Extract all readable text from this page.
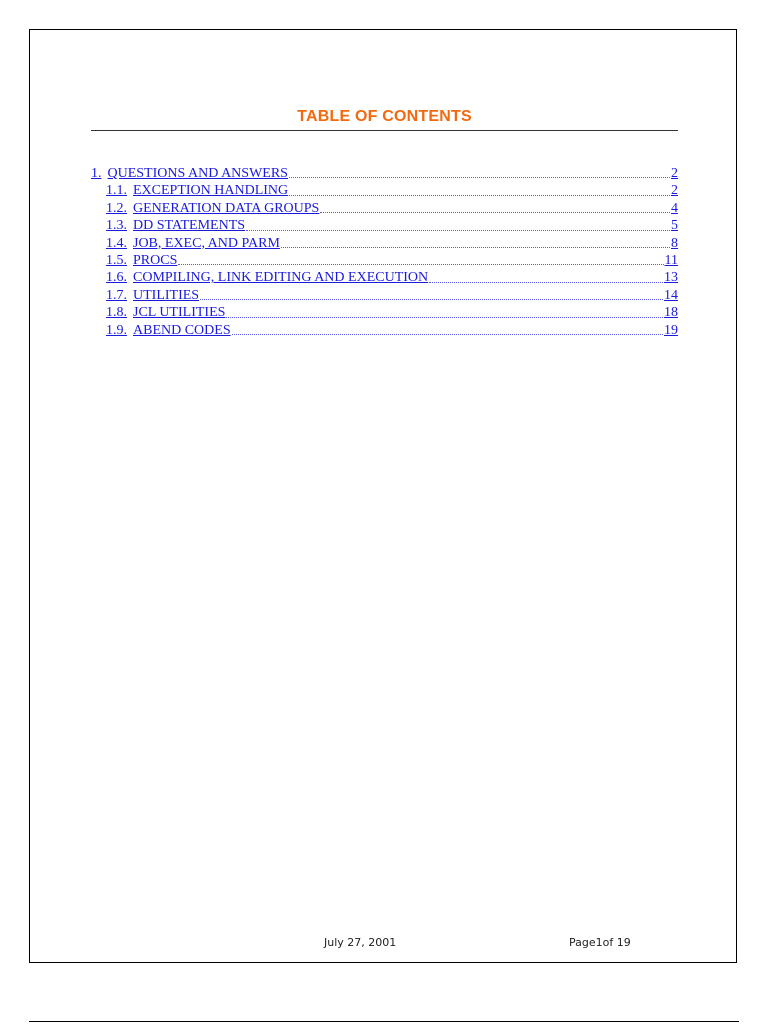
TABLE OF CONTENTS
1. QUESTIONS AND ANSWERS	2
1.1. EXCEPTION HANDLING	2
1.2. GENERATION DATA GROUPS	4
1.3. DD STATEMENTS	5
1.4. JOB, EXEC, AND PARM	8
1.5. PROCS	11
1.6. COMPILING, LINK EDITING AND EXECUTION	13
1.7. UTILITIES	14
1.8. JCL UTILITIES	18
1.9. ABEND CODES	19
July 27, 2001	Page1of 19
